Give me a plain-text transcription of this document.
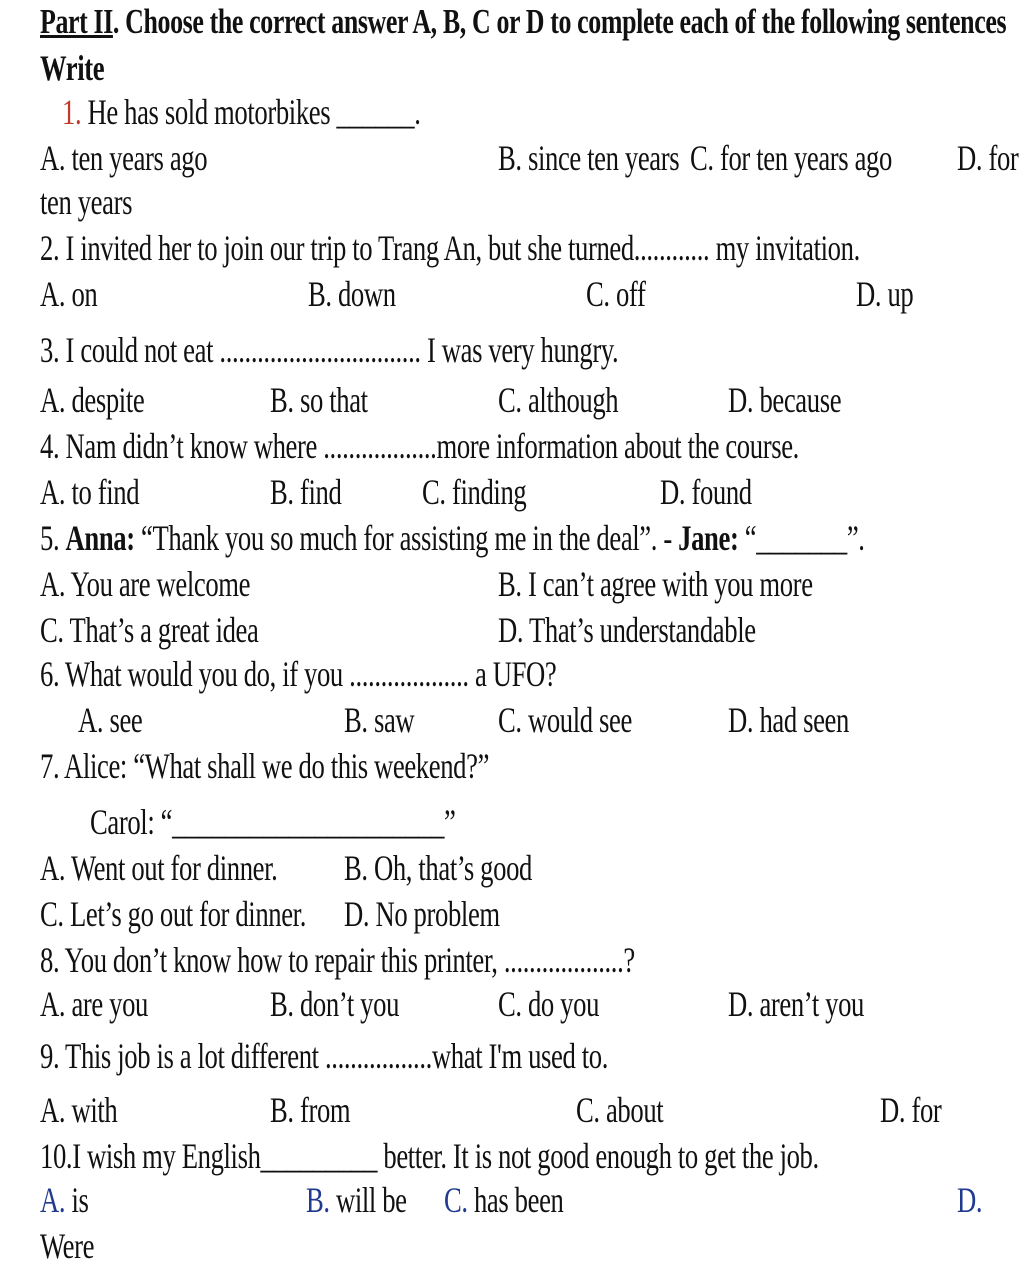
Part II. Choose the correct answer A, B, C or D to complete each of the following sentences
Write
1. He has sold motorbikes ______.
A. ten years ago	B. since ten years C. for ten years ago D. for
ten years
2. I invited her to join our trip to Trang An, but she turned............ my invitation.
A. on	B. down	C. off	D. up
3. I could not eat ................................ I was very hungry.
A. despite	B. so that	C. although	D. because
4. Nam didn’t know where ..................more information about the course.
A. to find	B. find C. finding	D. found
5. Anna: “Thank you so much for assisting me in the deal”. - Jane: “_______”.
A. You are welcome	B. I can’t agree with you more
C. That’s a great idea	D. That’s understandable
6. What would you do, if you ................... a UFO?
A. see	B. saw C. would see	D. had seen
7. Alice: “What shall we do this weekend?”
Carol: “_____________________”
A. Went out for dinner. B. Oh, that’s good
C. Let’s go out for dinner. D. No problem
8. You don’t know how to repair this printer, ...................?
A. are you	B. don’t you	C. do you	D. aren’t you
9. This job is a lot different .................what I'm used to.
A. with	B. from	C. about	D. for
10.I wish my English_________ better. It is not good enough to get the job.
A. is	B. will be C. has been	D.
Were
